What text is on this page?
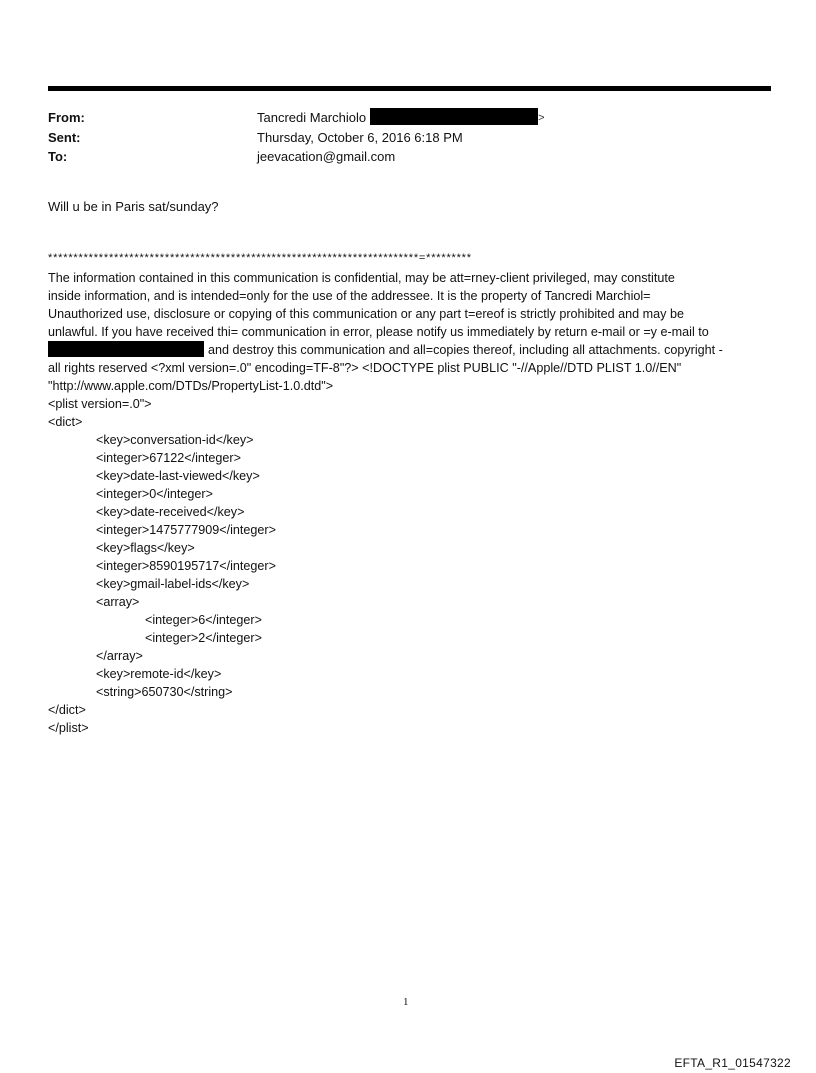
From:	Tancredi Marchiolo	>
Sent:	Thursday, October 6, 2016 6:18 PM
To:	jeevacation@gmail.com
Will u be in Paris sat/sunday?
*************************************************************************=*********
The information contained in this communication is confidential, may be att=rney-client privileged, may constitute
inside information, and is intended=only for the use of the addressee. It is the property of Tancredi Marchiol=
Unauthorized use, disclosure or copying of this communication or any part t=ereof is strictly prohibited and may be
unlawful. If you have received thi= communication in error, please notify us immediately by return e-mail or =y e-mail to
and destroy this communication and all=copies thereof, including all attachments. copyright -
all rights reserved <?xml version=.0" encoding=TF-8"?> <!DOCTYPE plist PUBLIC "-//Apple//DTD PLIST 1.0//EN"
"http://www.apple.com/DTDs/PropertyList-1.0.dtd">
<plist version=.0">
<dict>
<key>conversation-id</key>
<integer>67122</integer>
<key>date-last-viewed</key>
<integer>0</integer>
<key>date-received</key>
<integer>1475777909</integer>
<key>flags</key>
<integer>8590195717</integer>
<key>gmail-label-ids</key>
<array>
<integer>6</integer>
<integer>2</integer>
</array>
<key>remote-id</key>
<string>650730</string>
</dict>
</plist>
1
EFTA_R1_01547322
